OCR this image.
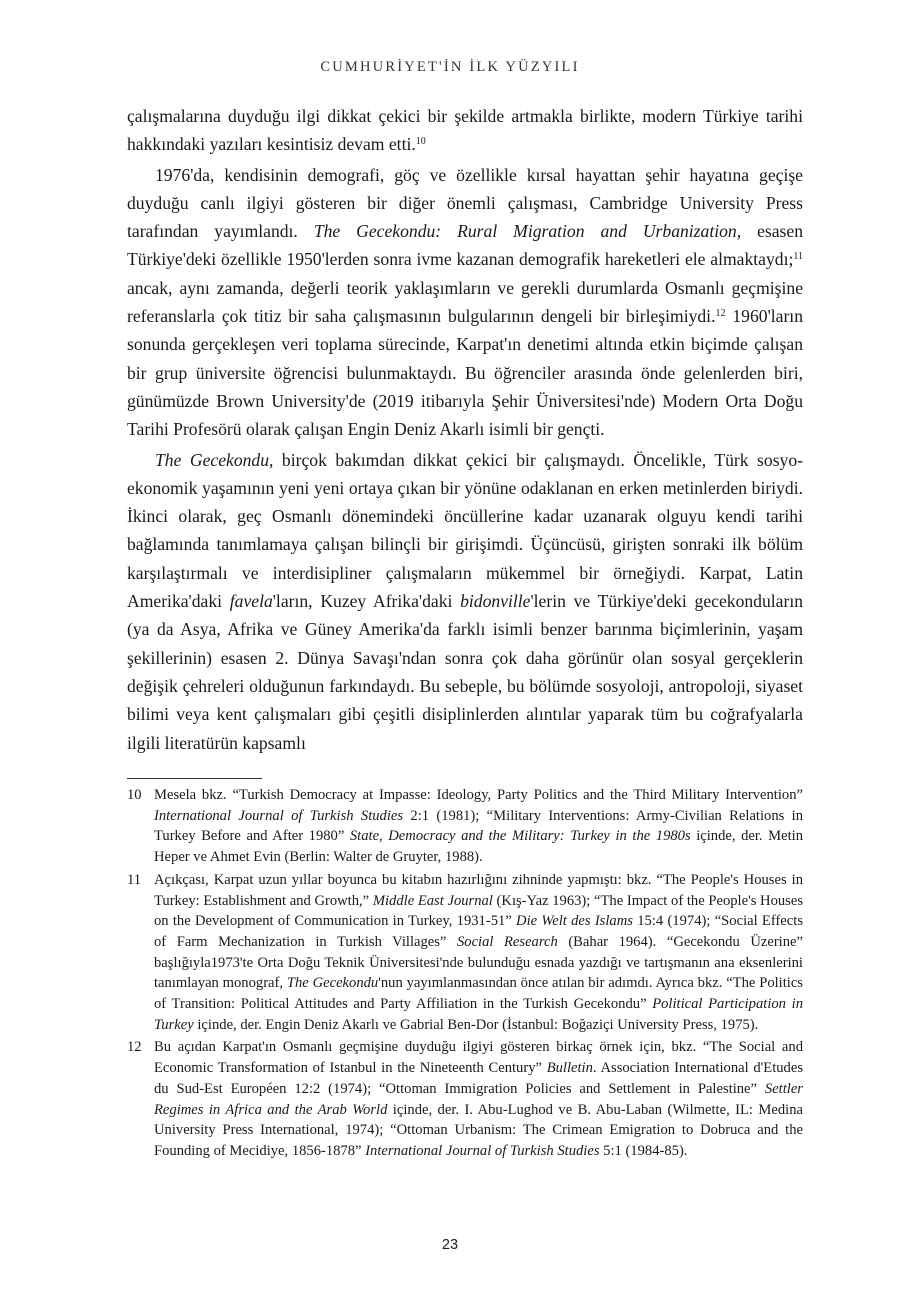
CUMHURİYET'İN İLK YÜZYILI

çalışmalarına duyduğu ilgi dikkat çekici bir şekilde artmakla birlikte, modern Türkiye tarihi hakkındaki yazıları kesintisiz devam etti.$^{10}$

1976'da, kendisinin demografi, göç ve özellikle kırsal hayattan şehir hayatına geçişe duyduğu canlı ilgiyi gösteren bir diğer önemli çalışması, Cambridge University Press tarafından yayımlandı. The Gecekondu: Rural Migration and Urbanization, esasen Türkiye'deki özellikle 1950'lerden sonra ivme kazanan demografik hareketleri ele almaktaydı;$^{11}$ ancak, aynı zamanda, değerli teorik yaklaşımların ve gerekli durumlarda Osmanlı geçmişine referanslarla çok titiz bir saha çalışmasının bulgularının dengeli bir birleşimiydi.$^{12}$ 1960'ların sonunda gerçekleşen veri toplama sürecinde, Karpat'ın denetimi altında etkin biçimde çalışan bir grup üniversite öğrencisi bulunmaktaydı. Bu öğrenciler arasında önde gelenlerden biri, günümüzde Brown University'de (2019 itibarıyla Şehir Üniversitesi'nde) Modern Orta Doğu Tarihi Profesörü olarak çalışan Engin Deniz Akarlı isimli bir gençti.

The Gecekondu, birçok bakımdan dikkat çekici bir çalışmaydı. Öncelikle, Türk sosyo-ekonomik yaşamının yeni yeni ortaya çıkan bir yönüne odaklanan en erken metinlerden biriydi. İkinci olarak, geç Osmanlı dönemindeki öncüllerine kadar uzanarak olguyu kendi tarihi bağlamında tanımlamaya çalışan bilinçli bir girişimdi. Üçüncüsü, girişten sonraki ilk bölüm karşılaştırmalı ve interdisipliner çalışmaların mükemmel bir örneğiydi. Karpat, Latin Amerika'daki favela'ların, Kuzey Afrika'daki bidonville'lerin ve Türkiye'deki gecekonduların (ya da Asya, Afrika ve Güney Amerika'da farklı isimli benzer barınma biçimlerinin, yaşam şekillerinin) esasen 2. Dünya Savaşı'ndan sonra çok daha görünür olan sosyal gerçeklerin değişik çehreleri olduğunun farkındaydı. Bu sebeple, bu bölümde sosyoloji, antropoloji, siyaset bilimi veya kent çalışmaları gibi çeşitli disiplinlerden alıntılar yaparak tüm bu coğrafyalarla ilgili literatürün kapsamlı

10 Mesela bkz. “Turkish Democracy at Impasse: Ideology, Party Politics and the Third Military Intervention” International Journal of Turkish Studies 2:1 (1981); “Military Interventions: Army-Civilian Relations in Turkey Before and After 1980” State, Democracy and the Military: Turkey in the 1980s içinde, der. Metin Heper ve Ahmet Evin (Berlin: Walter de Gruyter, 1988).
11 Açıkçası, Karpat uzun yıllar boyunca bu kitabın hazırlığını zihninde yapmıştı: bkz. “The People's Houses in Turkey: Establishment and Growth,” Middle East Journal (Kış-Yaz 1963); “The Impact of the People's Houses on the Development of Communication in Turkey, 1931-51” Die Welt des Islams 15:4 (1974); “Social Effects of Farm Mechanization in Turkish Villages” Social Research (Bahar 1964). “Gecekondu Üzerine” başlığıyla1973'te Orta Doğu Teknik Üniversitesi'nde bulunduğu esnada yazdığı ve tartışmanın ana eksenlerini tanımlayan monograf, The Gecekondu'nun yayımlanmasından önce atılan bir adımdı. Ayrıca bkz. “The Politics of Transition: Political Attitudes and Party Affiliation in the Turkish Gecekondu” Political Participation in Turkey içinde, der. Engin Deniz Akarlı ve Gabrial Ben-Dor (İstanbul: Boğaziçi University Press, 1975).
12 Bu açıdan Karpat'ın Osmanlı geçmişine duyduğu ilgiyi gösteren birkaç örnek için, bkz. “The Social and Economic Transformation of Istanbul in the Nineteenth Century” Bulletin. Association International d'Etudes du Sud-Est Européen 12:2 (1974); “Ottoman Immigration Policies and Settlement in Palestine” Settler Regimes in Africa and the Arab World içinde, der. I. Abu-Lughod ve B. Abu-Laban (Wilmette, IL: Medina University Press International, 1974); “Ottoman Urbanism: The Crimean Emigration to Dobruca and the Founding of Mecidiye, 1856-1878” International Journal of Turkish Studies 5:1 (1984-85).
23
